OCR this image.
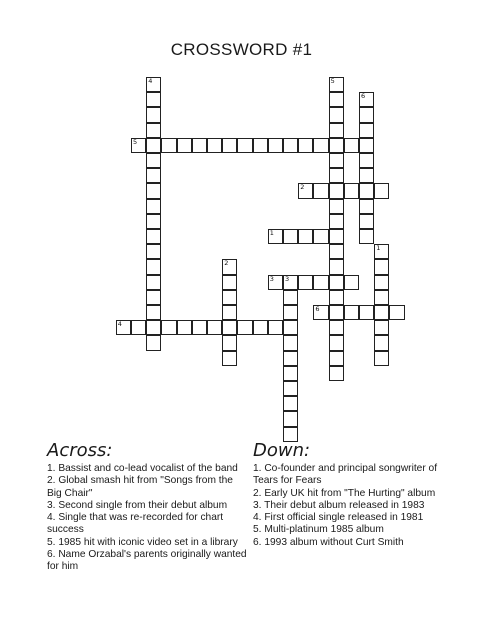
CROSSWORD #1
5
2
1
3 3
6
4
4	5
6
1
2
Across:	Down:
1. Bassist and co-lead vocalist of the band
2. Global smash hit from "Songs from the Big Chair"
3. Second single from their debut album
4. Single that was re-recorded for chart success
5. 1985 hit with iconic video set in a library
6. Name Orzabal's parents originally wanted for him
1. Co-founder and principal songwriter of Tears for Fears
2. Early UK hit from "The Hurting" album
3. Their debut album released in 1983
4. First official single released in 1981
5. Multi-platinum 1985 album
6. 1993 album without Curt Smith
